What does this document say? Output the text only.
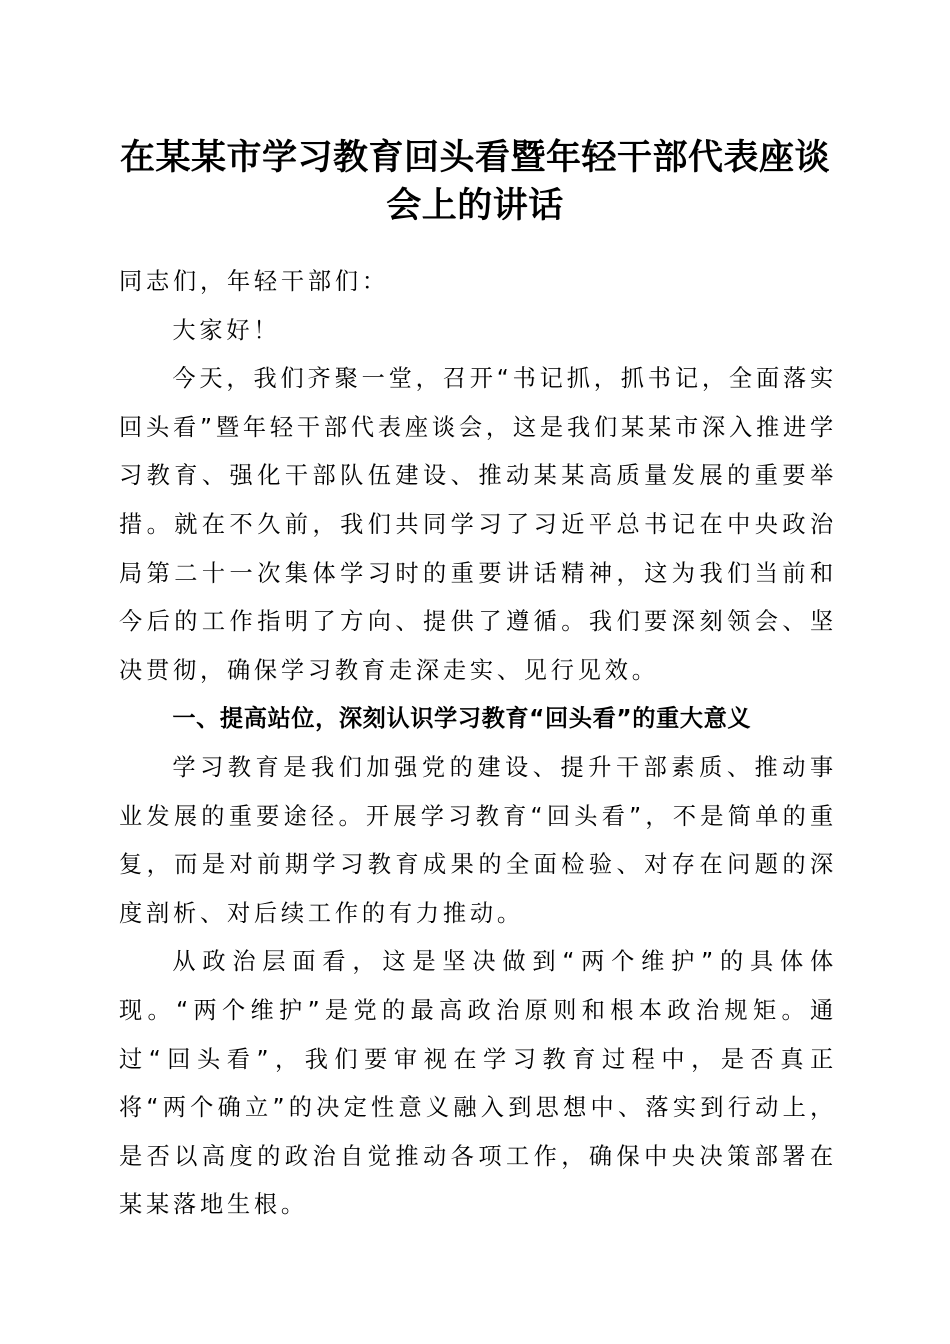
在某某市学习教育回头看暨年轻干部代表座谈会上的讲话

同志们，年轻干部们：

大家好！

今天，我们齐聚一堂，召开“书记抓，抓书记，全面落实回头看”暨年轻干部代表座谈会，这是我们某某市深入推进学习教育、强化干部队伍建设、推动某某高质量发展的重要举措。就在不久前，我们共同学习了习近平总书记在中央政治局第二十一次集体学习时的重要讲话精神，这为我们当前和今后的工作指明了方向、提供了遵循。我们要深刻领会、坚决贯彻，确保学习教育走深走实、见行见效。

一、提高站位，深刻认识学习教育“回头看”的重大意义

学习教育是我们加强党的建设、提升干部素质、推动事业发展的重要途径。开展学习教育“回头看”，不是简单的重复，而是对前期学习教育成果的全面检验、对存在问题的深度剖析、对后续工作的有力推动。

从政治层面看，这是坚决做到“两个维护”的具体体现。“两个维护”是党的最高政治原则和根本政治规矩。通过“回头看”，我们要审视在学习教育过程中，是否真正将“两个确立”的决定性意义融入到思想中、落实到行动上，是否以高度的政治自觉推动各项工作，确保中央决策部署在某某落地生根。
